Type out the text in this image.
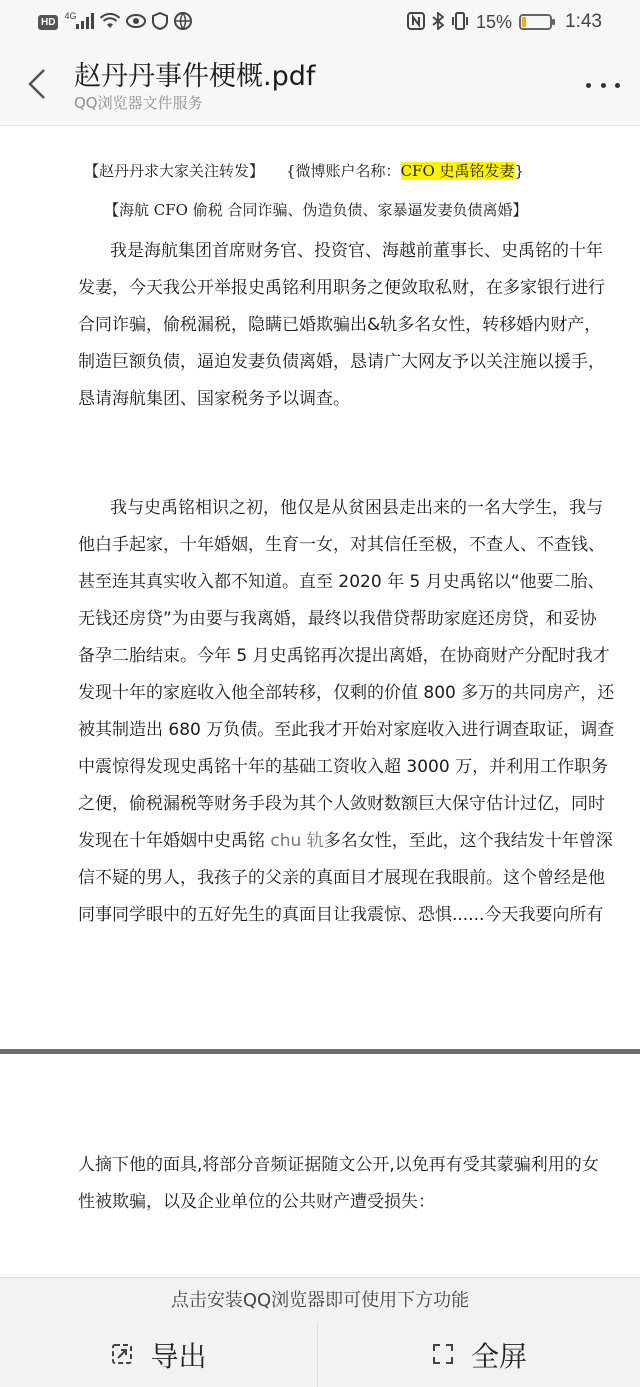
HD
4G	15%	1:43
赵丹丹事件梗概.pdf
QQ浏览器文件服务
【赵丹丹求大家关注转发】 {微博账户名称：CFO 史禹铭发妻}
【海航 CFO 偷税 合同诈骗、伪造负债、家暴逼发妻负债离婚】
我是海航集团首席财务官、投资官、海越前董事长、史禹铭的十年
发妻，今天我公开举报史禹铭利用职务之便敛取私财，在多家银行进行
合同诈骗，偷税漏税，隐瞒已婚欺骗出&轨多名女性，转移婚内财产，
制造巨额负债，逼迫发妻负债离婚，恳请广大网友予以关注施以援手，
恳请海航集团、国家税务予以调查。
我与史禹铭相识之初，他仅是从贫困县走出来的一名大学生，我与
他白手起家，十年婚姻，生育一女，对其信任至极，不查人、不查钱、
甚至连其真实收入都不知道。直至 2020 年 5 月史禹铭以“他要二胎、
无钱还房贷”为由要与我离婚，最终以我借贷帮助家庭还房贷，和妥协
备孕二胎结束。今年 5 月史禹铭再次提出离婚，在协商财产分配时我才
发现十年的家庭收入他全部转移，仅剩的价值 800 多万的共同房产，还
被其制造出 680 万负债。至此我才开始对家庭收入进行调查取证，调查
中震惊得发现史禹铭十年的基础工资收入超 3000 万，并利用工作职务
之便，偷税漏税等财务手段为其个人敛财数额巨大保守估计过亿，同时
发现在十年婚姻中史禹铭 chu 轨多名女性，至此，这个我结发十年曾深
信不疑的男人，我孩子的父亲的真面目才展现在我眼前。这个曾经是他
同事同学眼中的五好先生的真面目让我震惊、恐惧......今天我要向所有
人摘下他的面具,将部分音频证据随文公开,以免再有受其蒙骗利用的女
性被欺骗，以及企业单位的公共财产遭受损失：
点击安装QQ浏览器即可使用下方功能
导出	全屏
